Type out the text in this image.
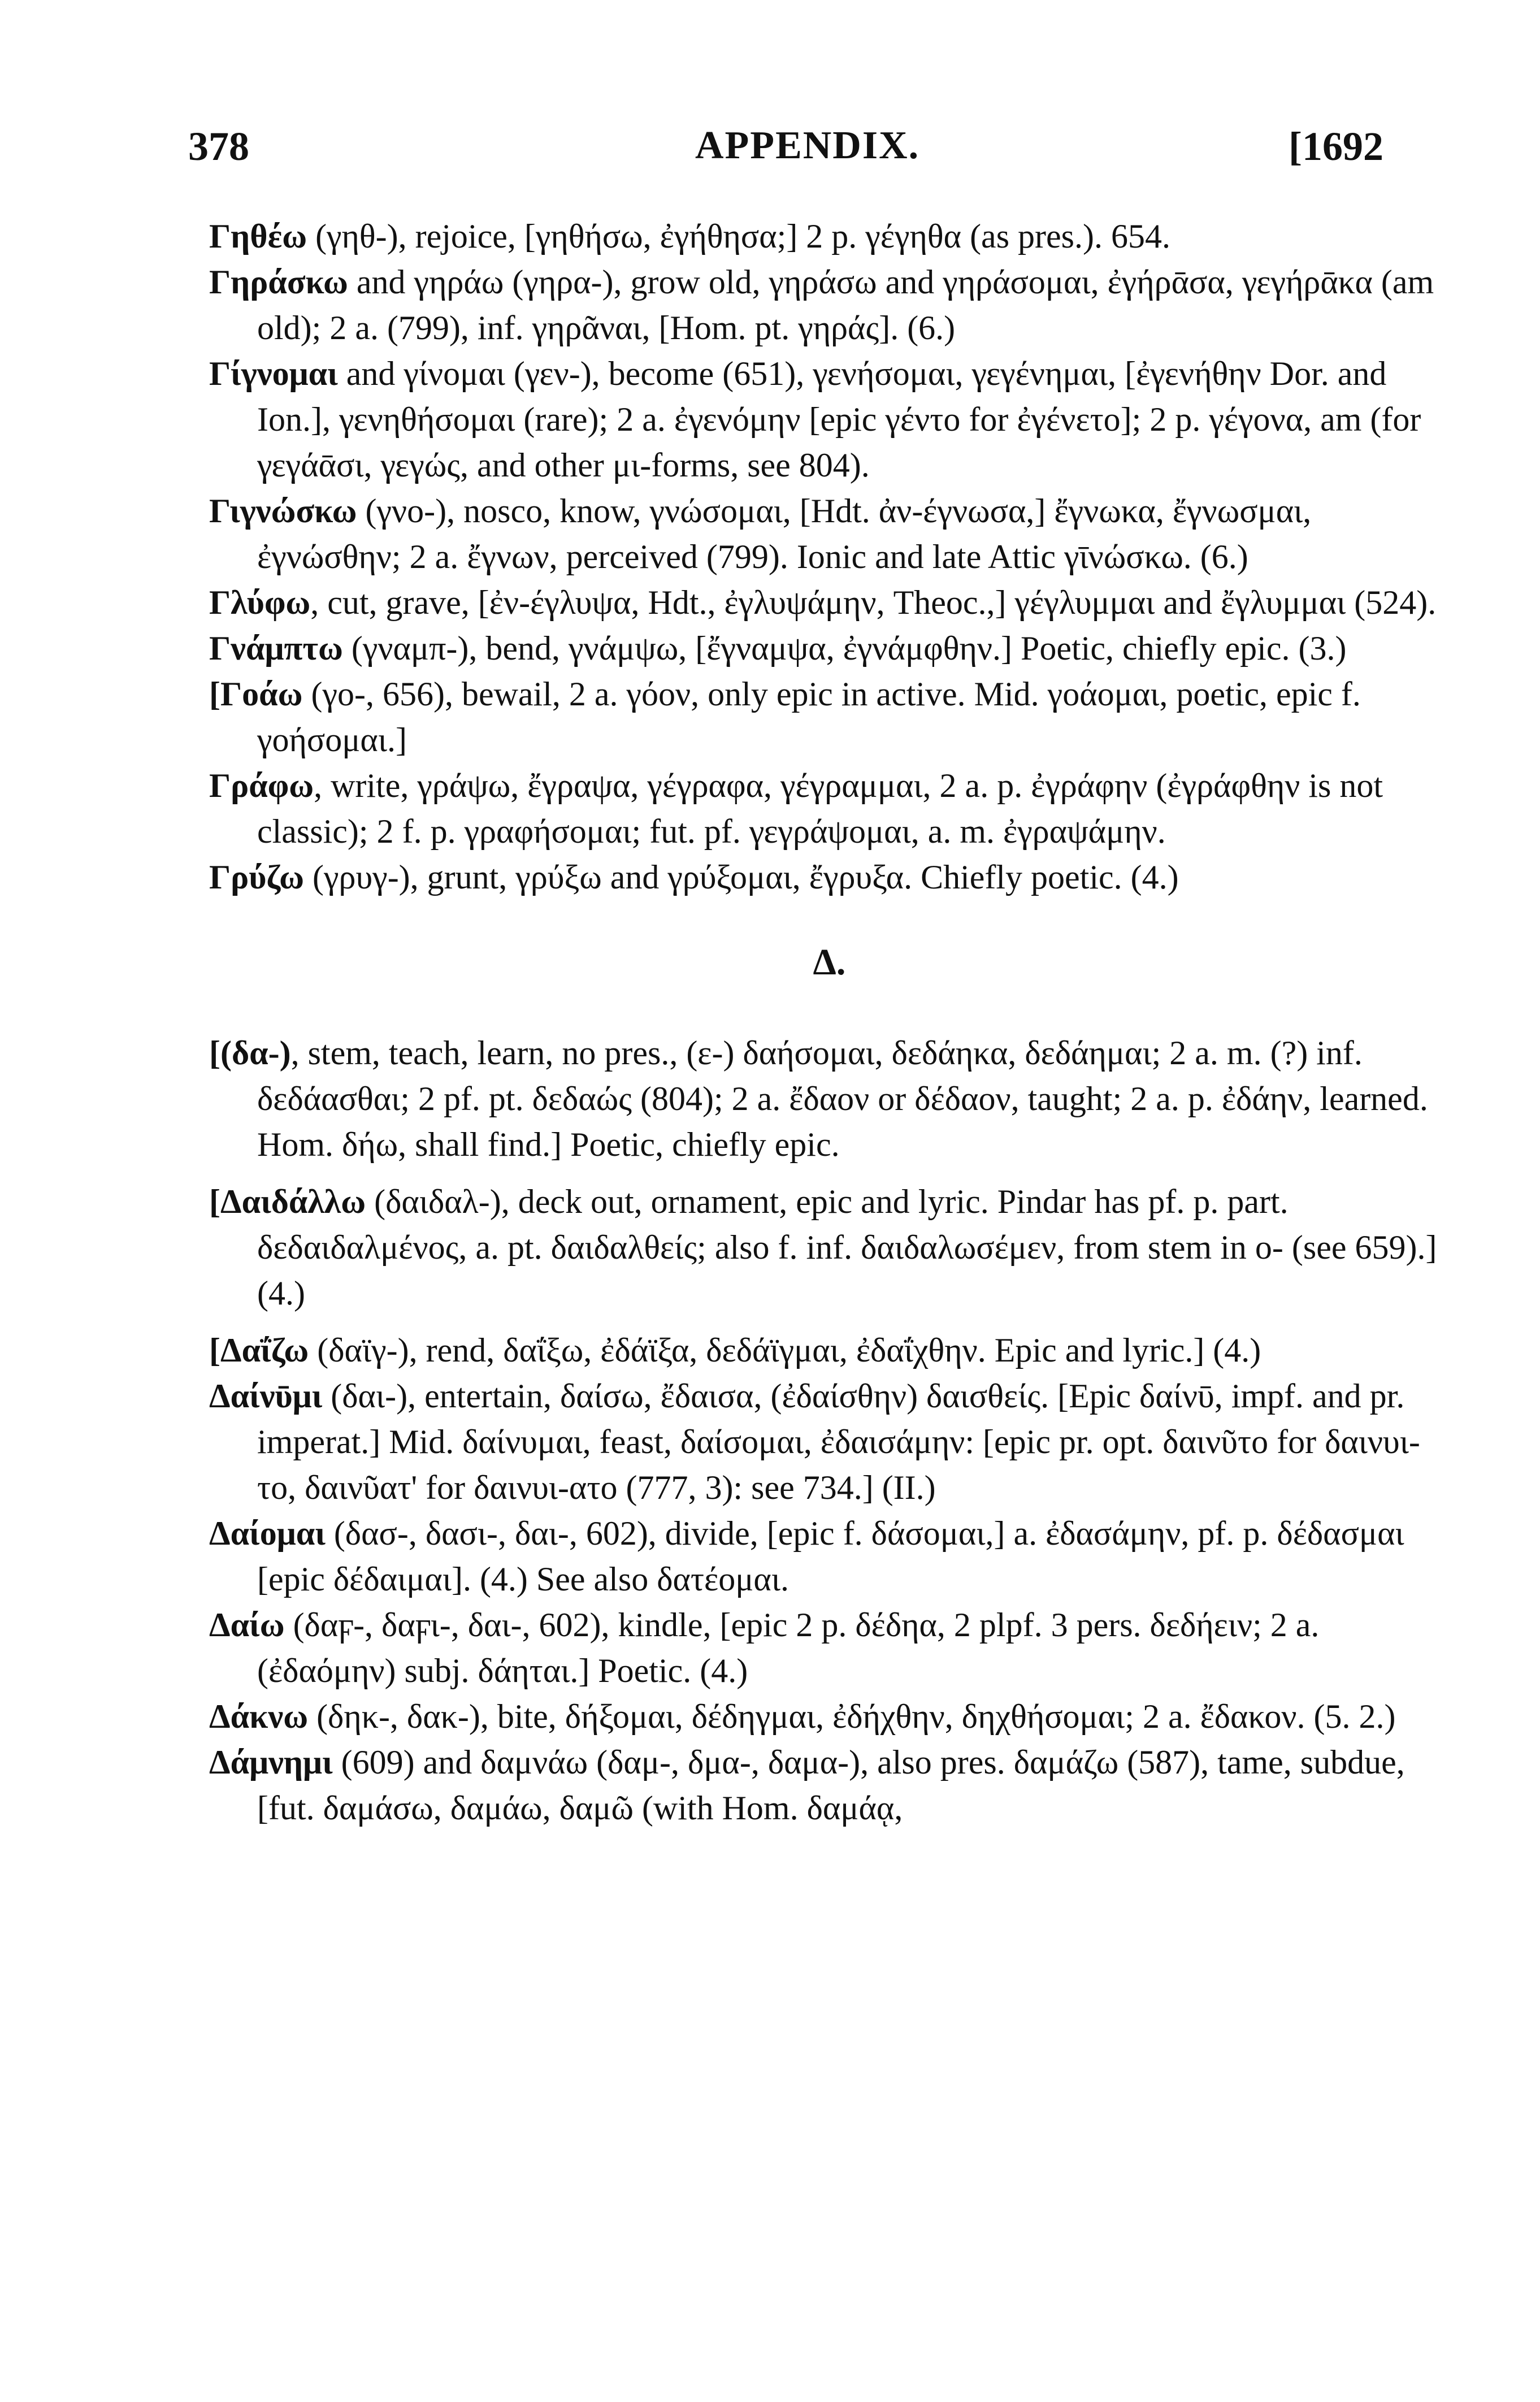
378	APPENDIX.	[1692

Γηθέω (γηθ-), rejoice, [γηθήσω, ἐγήθησα;] 2 p. γέγηθα (as pres.). 654.

Γηράσκω and γηράω (γηρα-), grow old, γηράσω and γηράσομαι, ἐγήρᾱσα, γεγήρᾱκα (am old); 2 a. (799), inf. γηρᾶναι, [Hom. pt. γηράς]. (6.)

Γίγνομαι and γίνομαι (γεν-), become (651), γενήσομαι, γεγένημαι, [ἐγενήθην Dor. and Ion.], γενηθήσομαι (rare); 2 a. ἐγενόμην [epic γέντο for ἐγένετο]; 2 p. γέγονα, am (for γεγάᾱσι, γεγώς, and other μι-forms, see 804).

Γιγνώσκω (γνο-), nosco, know, γνώσομαι, [Hdt. ἀν-έγνωσα,] ἔγνωκα, ἔγνωσμαι, ἐγνώσθην; 2 a. ἔγνων, perceived (799). Ionic and late Attic γῑνώσκω. (6.)

Γλύφω, cut, grave, [ἐν-έγλυψα, Hdt., ἐγλυψάμην, Theoc.,] γέγλυμμαι and ἔγλυμμαι (524).

Γνάμπτω (γναμπ-), bend, γνάμψω, [ἔγναμψα, ἐγνάμφθην.] Poetic, chiefly epic. (3.)

[Γοάω (γο-, 656), bewail, 2 a. γόον, only epic in active. Mid. γοάομαι, poetic, epic f. γοήσομαι.]

Γράφω, write, γράψω, ἔγραψα, γέγραφα, γέγραμμαι, 2 a. p. ἐγράφην (ἐγράφθην is not classic); 2 f. p. γραφήσομαι; fut. pf. γεγράψομαι, a. m. ἐγραψάμην.

Γρύζω (γρυγ-), grunt, γρύξω and γρύξομαι, ἔγρυξα. Chiefly poetic. (4.)

Δ.

[(δα-), stem, teach, learn, no pres., (ε-) δαήσομαι, δεδάηκα, δεδάημαι; 2 a. m. (?) inf. δεδάασθαι; 2 pf. pt. δεδαώς (804); 2 a. ἔδαον or δέδαον, taught; 2 a. p. ἐδάην, learned. Hom. δήω, shall find.] Poetic, chiefly epic.

[Δαιδάλλω (δαιδαλ-), deck out, ornament, epic and lyric. Pindar has pf. p. part. δεδαιδαλμένος, a. pt. δαιδαλθείς; also f. inf. δαιδαλωσέμεν, from stem in ο- (see 659).] (4.)

[Δαΐζω (δαϊγ-), rend, δαΐξω, ἐδάϊξα, δεδάϊγμαι, ἐδαΐχθην. Epic and lyric.] (4.)

Δαίνῡμι (δαι-), entertain, δαίσω, ἔδαισα, (ἐδαίσθην) δαισθείς. [Epic δαίνῡ, impf. and pr. imperat.] Mid. δαίνυμαι, feast, δαίσομαι, ἐδαισάμην: [epic pr. opt. δαινῦτο for δαινυι-το, δαινῦατ' for δαινυι-ατο (777, 3): see 734.] (II.)

Δαίομαι (δασ-, δασι-, δαι-, 602), divide, [epic f. δάσομαι,] a. ἐδασάμην, pf. p. δέδασμαι [epic δέδαιμαι]. (4.) See also δατέομαι.

Δαίω (δαϝ-, δαϝι-, δαι-, 602), kindle, [epic 2 p. δέδηα, 2 plpf. 3 pers. δεδήειν; 2 a. (ἐδαόμην) subj. δάηται.] Poetic. (4.)

Δάκνω (δηκ-, δακ-), bite, δήξομαι, δέδηγμαι, ἐδήχθην, δηχθήσομαι; 2 a. ἔδακον. (5. 2.)

Δάμνημι (609) and δαμνάω (δαμ-, δμα-, δαμα-), also pres. δαμάζω (587), tame, subdue, [fut. δαμάσω, δαμάω, δαμῶ (with Hom. δαμάᾳ,
